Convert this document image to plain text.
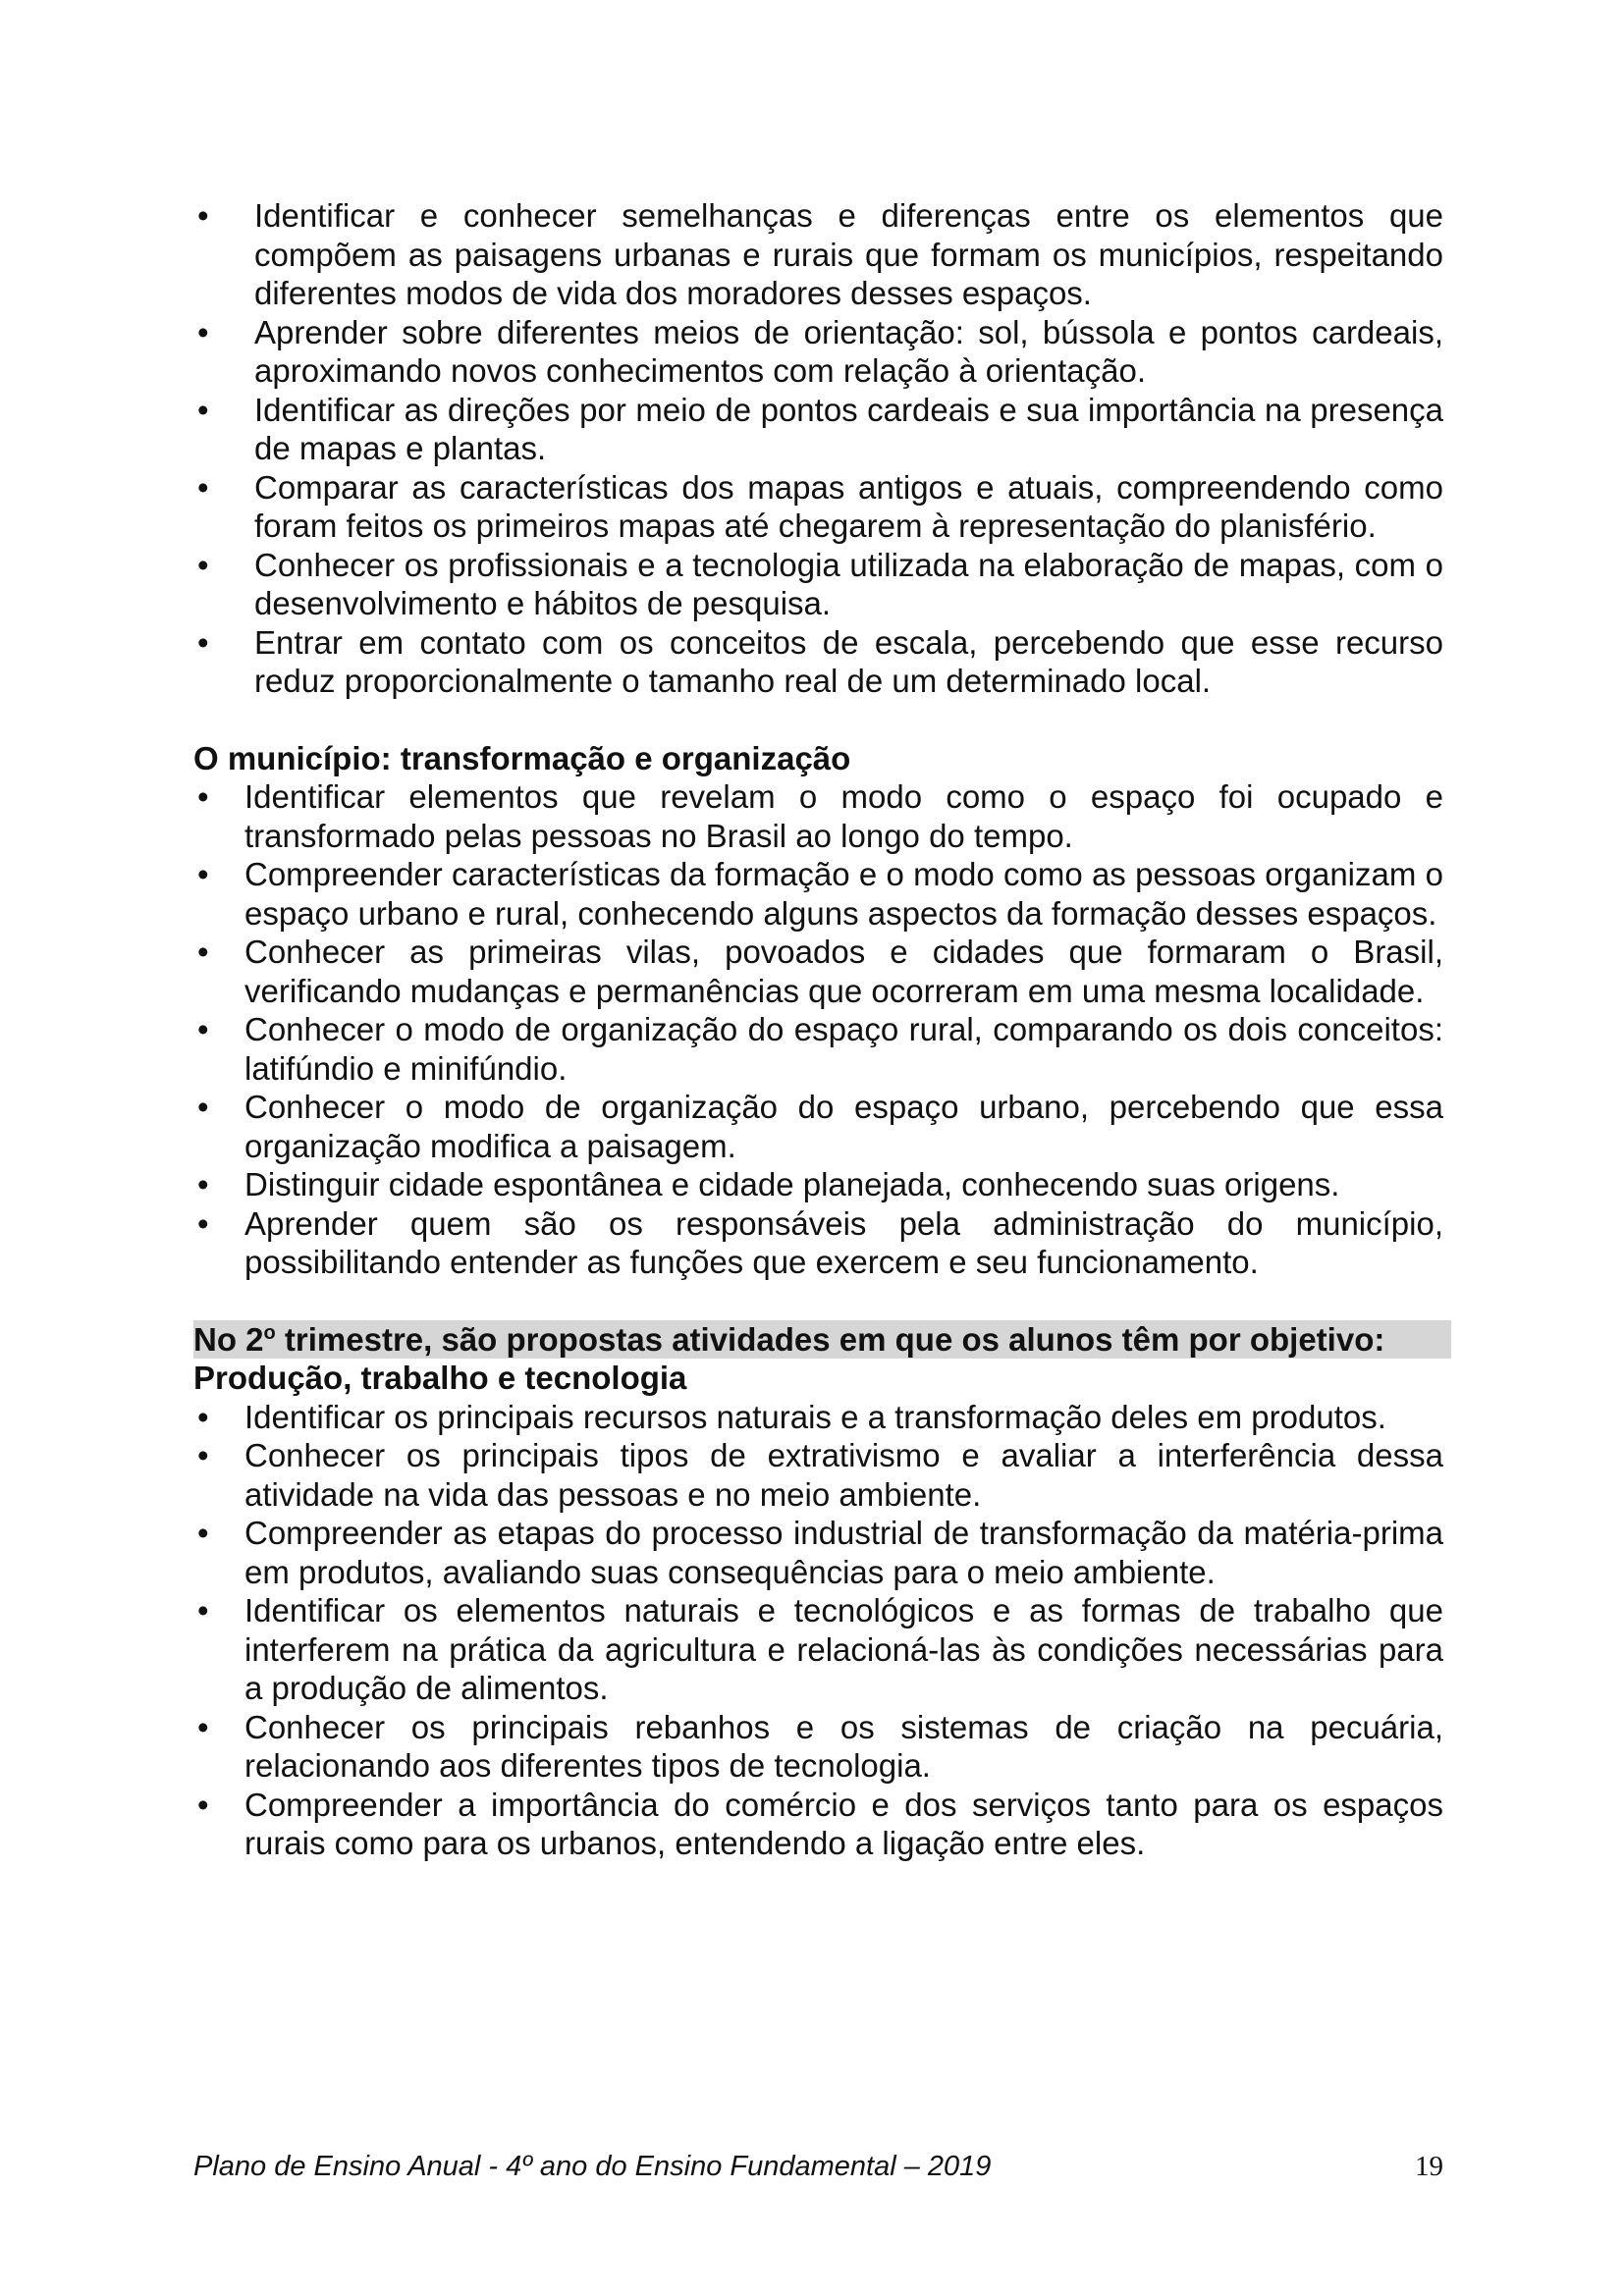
• Identificar e conhecer semelhanças e diferenças entre os elementos que compõem as paisagens urbanas e rurais que formam os municípios, respeitando diferentes modos de vida dos moradores desses espaços.
• Aprender sobre diferentes meios de orientação: sol, bússola e pontos cardeais, aproximando novos conhecimentos com relação à orientação.
• Identificar as direções por meio de pontos cardeais e sua importância na presença de mapas e plantas.
• Comparar as características dos mapas antigos e atuais, compreendendo como foram feitos os primeiros mapas até chegarem à representação do planisfério.
• Conhecer os profissionais e a tecnologia utilizada na elaboração de mapas, com o desenvolvimento e hábitos de pesquisa.
• Entrar em contato com os conceitos de escala, percebendo que esse recurso reduz proporcionalmente o tamanho real de um determinado local.
O município: transformação e organização
• Identificar elementos que revelam o modo como o espaço foi ocupado e transformado pelas pessoas no Brasil ao longo do tempo.
• Compreender características da formação e o modo como as pessoas organizam o espaço urbano e rural, conhecendo alguns aspectos da formação desses espaços.
• Conhecer as primeiras vilas, povoados e cidades que formaram o Brasil, verificando mudanças e permanências que ocorreram em uma mesma localidade.
• Conhecer o modo de organização do espaço rural, comparando os dois conceitos: latifúndio e minifúndio.
• Conhecer o modo de organização do espaço urbano, percebendo que essa organização modifica a paisagem.
• Distinguir cidade espontânea e cidade planejada, conhecendo suas origens.
• Aprender quem são os responsáveis pela administração do município, possibilitando entender as funções que exercem e seu funcionamento.
No 2$^o$ trimestre, são propostas atividades em que os alunos têm por objetivo:
Produção, trabalho e tecnologia
• Identificar os principais recursos naturais e a transformação deles em produtos.
• Conhecer os principais tipos de extrativismo e avaliar a interferência dessa atividade na vida das pessoas e no meio ambiente.
• Compreender as etapas do processo industrial de transformação da matéria-prima em produtos, avaliando suas consequências para o meio ambiente.
• Identificar os elementos naturais e tecnológicos e as formas de trabalho que interferem na prática da agricultura e relacioná-las às condições necessárias para a produção de alimentos.
• Conhecer os principais rebanhos e os sistemas de criação na pecuária, relacionando aos diferentes tipos de tecnologia.
• Compreender a importância do comércio e dos serviços tanto para os espaços rurais como para os urbanos, entendendo a ligação entre eles.
Plano de Ensino Anual - 4º ano do Ensino Fundamental – 2019	19
